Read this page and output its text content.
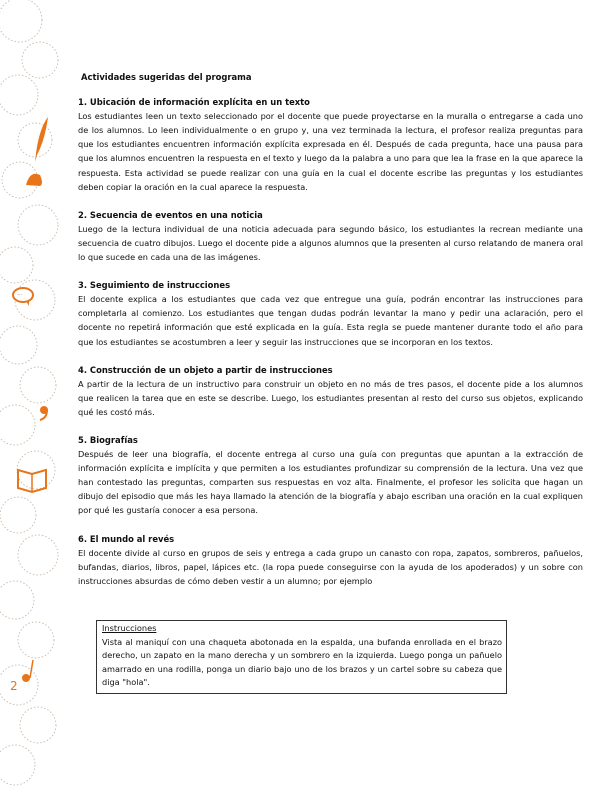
···
2
Actividades sugeridas del programa
1. Ubicación de información explícita en un texto

Los estudiantes leen un texto seleccionado por el docente que puede proyectarse en la muralla o entregarse a cada uno de los alumnos. Lo leen individualmente o en grupo y, una vez terminada la lectura, el profesor realiza preguntas para que los estudiantes encuentren información explícita expresada en él. Después de cada pregunta, hace una pausa para que los alumnos encuentren la respuesta en el texto y luego da la palabra a uno para que lea la frase en la que aparece la respuesta. Esta actividad se puede realizar con una guía en la cual el docente escribe las preguntas y los estudiantes deben copiar la oración en la cual aparece la respuesta.

2. Secuencia de eventos en una noticia

Luego de la lectura individual de una noticia adecuada para segundo básico, los estudiantes la recrean mediante una secuencia de cuatro dibujos. Luego el docente pide a algunos alumnos que la presenten al curso relatando de manera oral lo que sucede en cada una de las imágenes.

3. Seguimiento de instrucciones

El docente explica a los estudiantes que cada vez que entregue una guía, podrán encontrar las instrucciones para completarla al comienzo. Los estudiantes que tengan dudas podrán levantar la mano y pedir una aclaración, pero el docente no repetirá información que esté explicada en la guía. Esta regla se puede mantener durante todo el año para que los estudiantes se acostumbren a leer y seguir las instrucciones que se incorporan en los textos.

4. Construcción de un objeto a partir de instrucciones

A partir de la lectura de un instructivo para construir un objeto en no más de tres pasos, el docente pide a los alumnos que realicen la tarea que en este se describe. Luego, los estudiantes presentan al resto del curso sus objetos, explicando qué les costó más.

5. Biografías

Después de leer una biografía, el docente entrega al curso una guía con preguntas que apuntan a la extracción de información explícita e implícita y que permiten a los estudiantes profundizar su comprensión de la lectura. Una vez que han contestado las preguntas, comparten sus respuestas en voz alta. Finalmente, el profesor les solicita que hagan un dibujo del episodio que más les haya llamado la atención de la biografía y abajo escriban una oración en la cual expliquen por qué les gustaría conocer a esa persona.

6. El mundo al revés

El docente divide al curso en grupos de seis y entrega a cada grupo un canasto con ropa, zapatos, sombreros, pañuelos, bufandas, diarios, libros, papel, lápices etc. (la ropa puede conseguirse con la ayuda de los apoderados) y un sobre con instrucciones absurdas de cómo deben vestir a un alumno; por ejemplo

Instrucciones

Vista al maniquí con una chaqueta abotonada en la espalda, una bufanda enrollada en el brazo derecho, un zapato en la mano derecha y un sombrero en la izquierda. Luego ponga un pañuelo amarrado en una rodilla, ponga un diario bajo uno de los brazos y un cartel sobre su cabeza que diga "hola".
